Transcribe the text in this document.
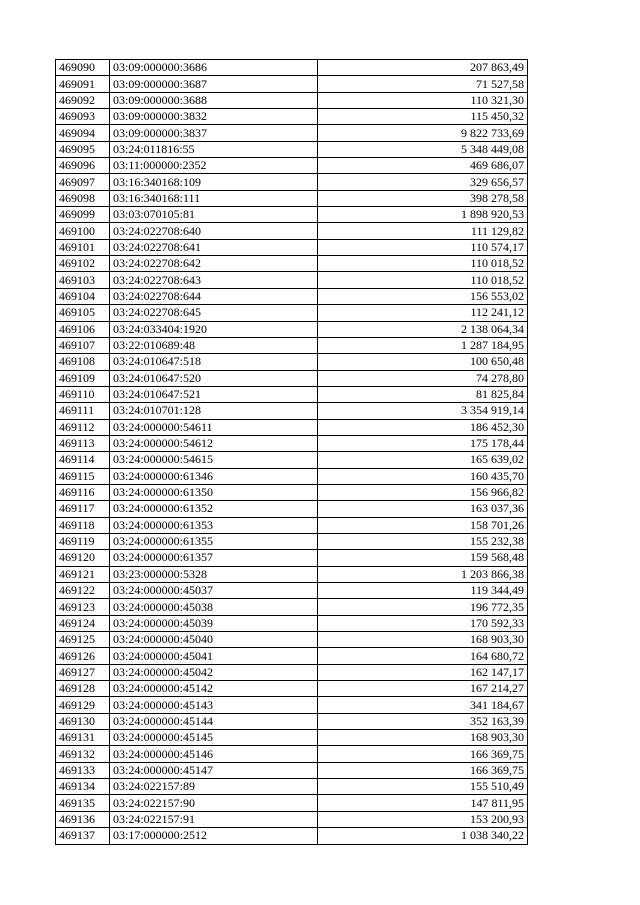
469090	03:09:000000:3686	207 863,49
469091	03:09:000000:3687	71 527,58
469092	03:09:000000:3688	110 321,30
469093	03:09:000000:3832	115 450,32
469094	03:09:000000:3837	9 822 733,69
469095	03:24:011816:55	5 348 449,08
469096	03:11:000000:2352	469 686,07
469097	03:16:340168:109	329 656,57
469098	03:16:340168:111	398 278,58
469099	03:03:070105:81	1 898 920,53
469100	03:24:022708:640	111 129,82
469101	03:24:022708:641	110 574,17
469102	03:24:022708:642	110 018,52
469103	03:24:022708:643	110 018,52
469104	03:24:022708:644	156 553,02
469105	03:24:022708:645	112 241,12
469106	03:24:033404:1920	2 138 064,34
469107	03:22:010689:48	1 287 184,95
469108	03:24:010647:518	100 650,48
469109	03:24:010647:520	74 278,80
469110	03:24:010647:521	81 825,84
469111	03:24:010701:128	3 354 919,14
469112	03:24:000000:54611	186 452,30
469113	03:24:000000:54612	175 178,44
469114	03:24:000000:54615	165 639,02
469115	03:24:000000:61346	160 435,70
469116	03:24:000000:61350	156 966,82
469117	03:24:000000:61352	163 037,36
469118	03:24:000000:61353	158 701,26
469119	03:24:000000:61355	155 232,38
469120	03:24:000000:61357	159 568,48
469121	03:23:000000:5328	1 203 866,38
469122	03:24:000000:45037	119 344,49
469123	03:24:000000:45038	196 772,35
469124	03:24:000000:45039	170 592,33
469125	03:24:000000:45040	168 903,30
469126	03:24:000000:45041	164 680,72
469127	03:24:000000:45042	162 147,17
469128	03:24:000000:45142	167 214,27
469129	03:24:000000:45143	341 184,67
469130	03:24:000000:45144	352 163,39
469131	03:24:000000:45145	168 903,30
469132	03:24:000000:45146	166 369,75
469133	03:24:000000:45147	166 369,75
469134	03:24:022157:89	155 510,49
469135	03:24:022157:90	147 811,95
469136	03:24:022157:91	153 200,93
469137	03:17:000000:2512	1 038 340,22
